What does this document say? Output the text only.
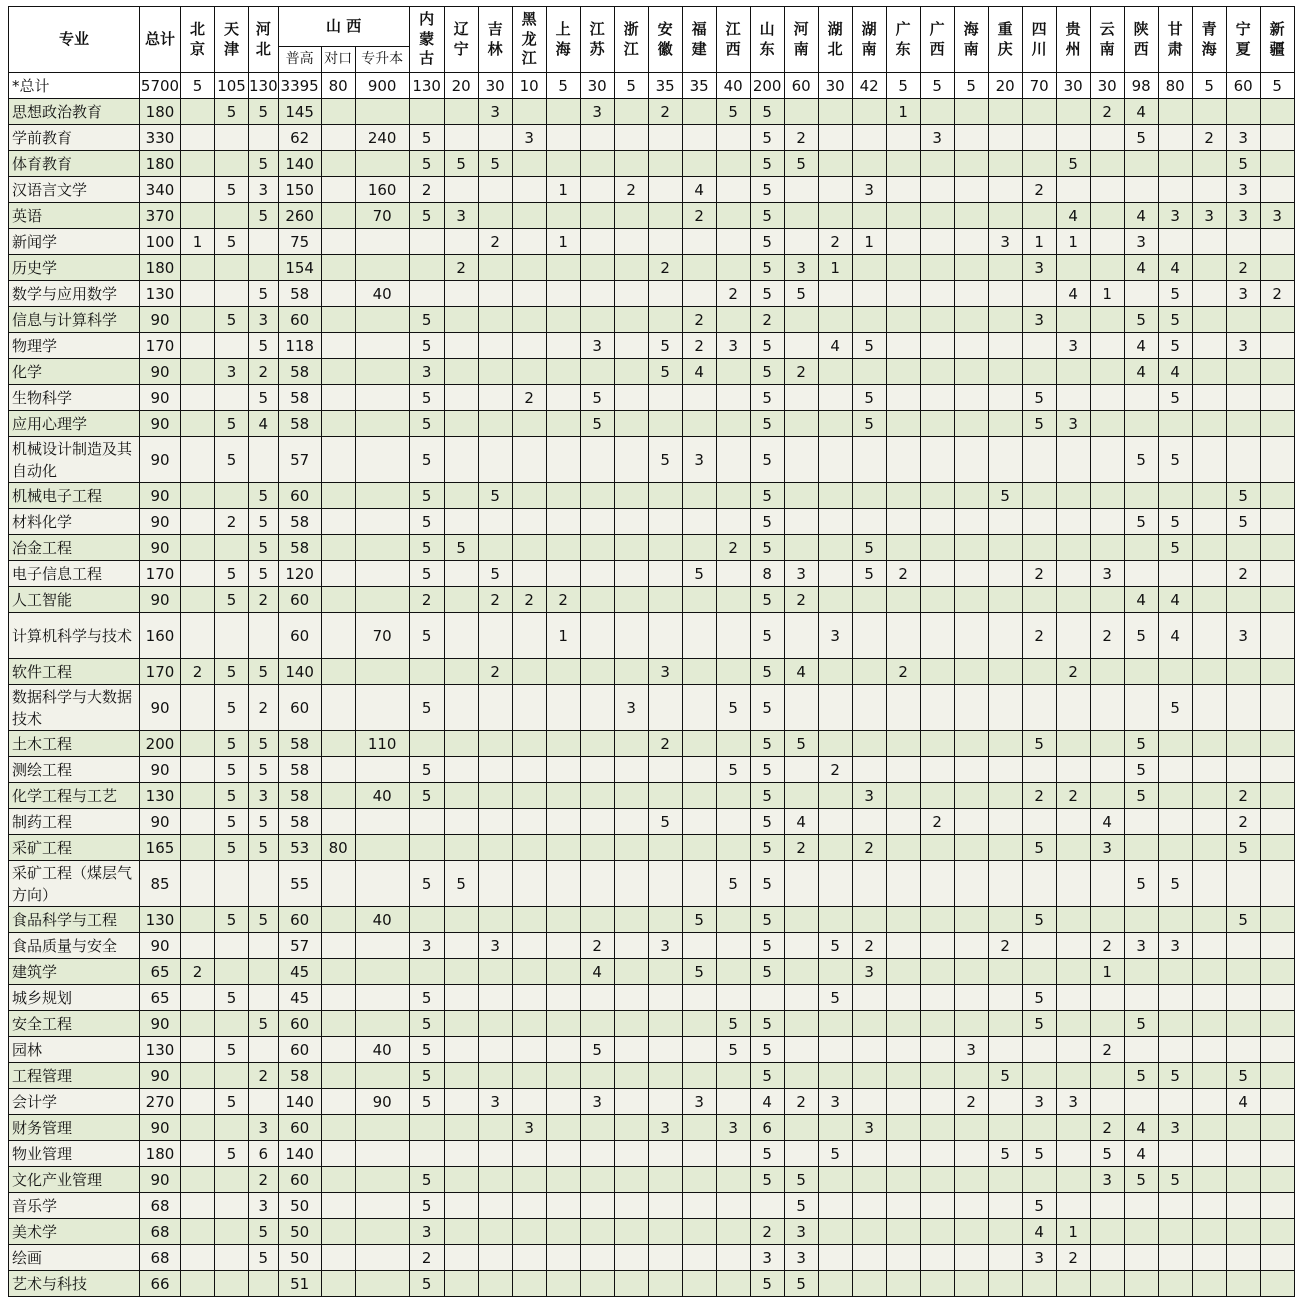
专业	总计	北京	天津	河北	山 西			内蒙古	辽宁	吉林	黑龙江	上海	江苏	浙江	安徽	福建	江西	山东	河南	湖北	湖南	广东	广西	海南	重庆	四川	贵州	云南	陕西	甘肃	青海	宁夏	新疆
					普高	对口	专升本																										
*总计	5700	5	105	130	3395	80	900	130	20	30	10	5	30	5	35	35	40	200	60	30	42	5	5	5	20	70	30	30	98	80	5	60	5
思想政治教育	180		5	5	145					3			3		2		5	5				1						2	4				
学前教育	330				62		240	5			3							5	2				3						5		2	3	
体育教育	180			5	140			5	5	5								5	5								5					5	
汉语言文学	340		5	3	150		160	2				1		2		4		5			3					2						3	
英语	370			5	260		70	5	3							2		5									4		4	3	3	3	3
新闻学	100	1	5		75					2		1						5		2	1				3	1	1		3				
历史学	180				154				2						2			5	3	1						3			4	4		2	
数学与应用数学	130			5	58		40										2	5	5								4	1		5		3	2
信息与计算科学	90		5	3	60			5								2		2								3			5	5			
物理学	170			5	118			5					3		5	2	3	5		4	5						3		4	5		3	
化学	90		3	2	58			3							5	4		5	2										4	4			
生物科学	90			5	58			5			2		5					5			5					5				5			
应用心理学	90		5	4	58			5					5					5			5					5	3						
机械设计制造及其自动化	90		5		57			5							5	3		5											5	5			
机械电子工程	90			5	60			5		5								5							5							5	
材料化学	90		2	5	58			5										5											5	5		5	
冶金工程	90			5	58			5	5								2	5			5									5			
电子信息工程	170		5	5	120			5		5						5		8	3		5	2				2		3				2	
人工智能	90		5	2	60			2		2	2	2						5	2										4	4			
计算机科学与技术	160				60		70	5				1						5		3						2		2	5	4		3	
软件工程	170	2	5	5	140					2					3			5	4			2					2						
数据科学与大数据技术	90		5	2	60			5						3			5	5												5			
土木工程	200		5	5	58		110								2			5	5							5			5				
测绘工程	90		5	5	58			5									5	5		2									5				
化学工程与工艺	130		5	3	58		40	5										5			3					2	2		5			2	
制药工程	90		5	5	58										5			5	4				2					4				2	
采矿工程	165		5	5	53	80												5	2		2					5		3				5	
采矿工程（煤层气方向）	85				55			5	5								5	5											5	5			
食品科学与工程	130		5	5	60		40									5		5								5						5	
食品质量与安全	90				57			3		3			2		3			5		5	2				2			2	3	3			
建筑学	65	2			45								4			5		5			3							1					
城乡规划	65		5		45			5												5						5							
安全工程	90			5	60			5									5	5								5			5				
园林	130		5		60		40	5					5				5	5						3				2					
工程管理	90			2	58			5										5							5				5	5		5	
会计学	270		5		140		90	5		3			3			3		4	2	3				2		3	3					4	
财务管理	90			3	60						3				3		3	6			3							2	4	3			
物业管理	180		5	6	140													5		5					5	5		5	4				
文化产业管理	90			2	60			5										5	5									3	5	5			
音乐学	68			3	50			5											5							5							
美术学	68			5	50			3										2	3							4	1						
绘画	68			5	50			2										3	3							3	2						
艺术与科技	66				51			5										5	5														
